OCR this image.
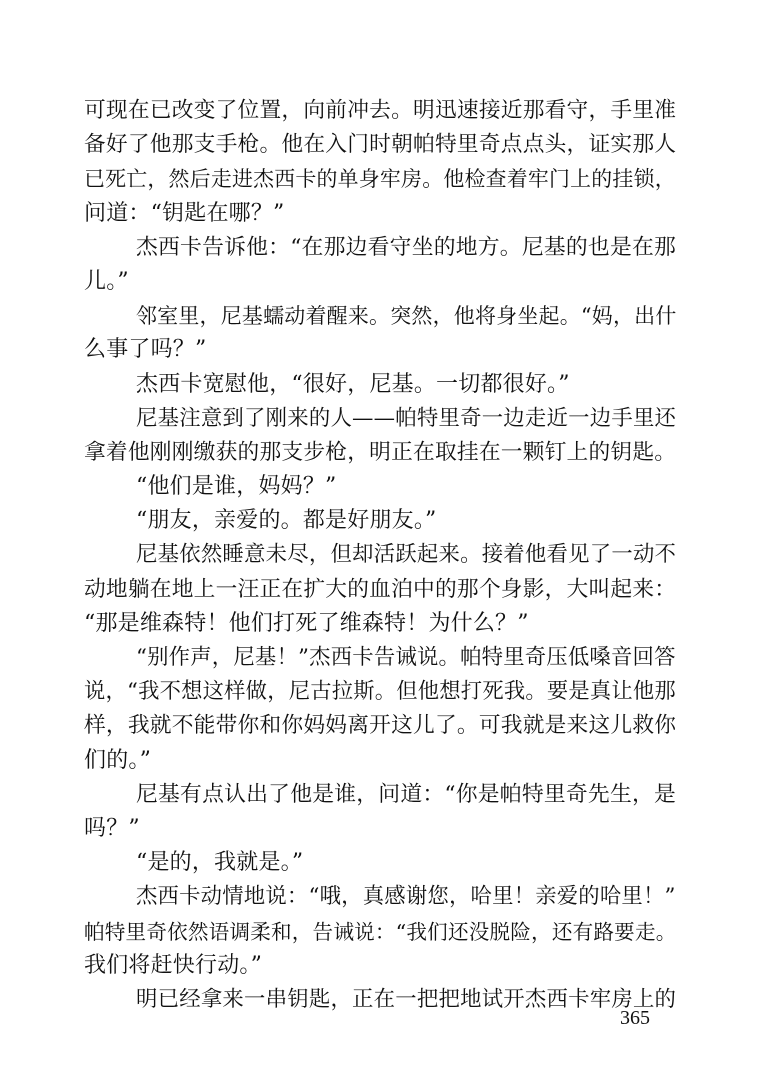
可现在已改变了位置，向前冲去。明迅速接近那看守，手里准
备好了他那支手枪。他在入门时朝帕特里奇点点头，证实那人
已死亡，然后走进杰西卡的单身牢房。他检查着牢门上的挂锁，
问道：“钥匙在哪？”
杰西卡告诉他：“在那边看守坐的地方。尼基的也是在那
儿。”
邻室里，尼基蠕动着醒来。突然，他将身坐起。“妈，出什
么事了吗？”
杰西卡宽慰他，“很好，尼基。一切都很好。”
尼基注意到了刚来的人——帕特里奇一边走近一边手里还
拿着他刚刚缴获的那支步枪，明正在取挂在一颗钉上的钥匙。
“他们是谁，妈妈？”
“朋友，亲爱的。都是好朋友。”
尼基依然睡意未尽，但却活跃起来。接着他看见了一动不
动地躺在地上一汪正在扩大的血泊中的那个身影，大叫起来：
“那是维森特！他们打死了维森特！为什么？”
“别作声，尼基！”杰西卡告诫说。帕特里奇压低嗓音回答
说，“我不想这样做，尼古拉斯。但他想打死我。要是真让他那
样，我就不能带你和你妈妈离开这儿了。可我就是来这儿救你
们的。”
尼基有点认出了他是谁，问道：“你是帕特里奇先生，是
吗？”
“是的，我就是。”
杰西卡动情地说：“哦，真感谢您，哈里！亲爱的哈里！”
帕特里奇依然语调柔和，告诫说：“我们还没脱险，还有路要走。
我们将赶快行动。”
明已经拿来一串钥匙，正在一把把地试开杰西卡牢房上的
365
